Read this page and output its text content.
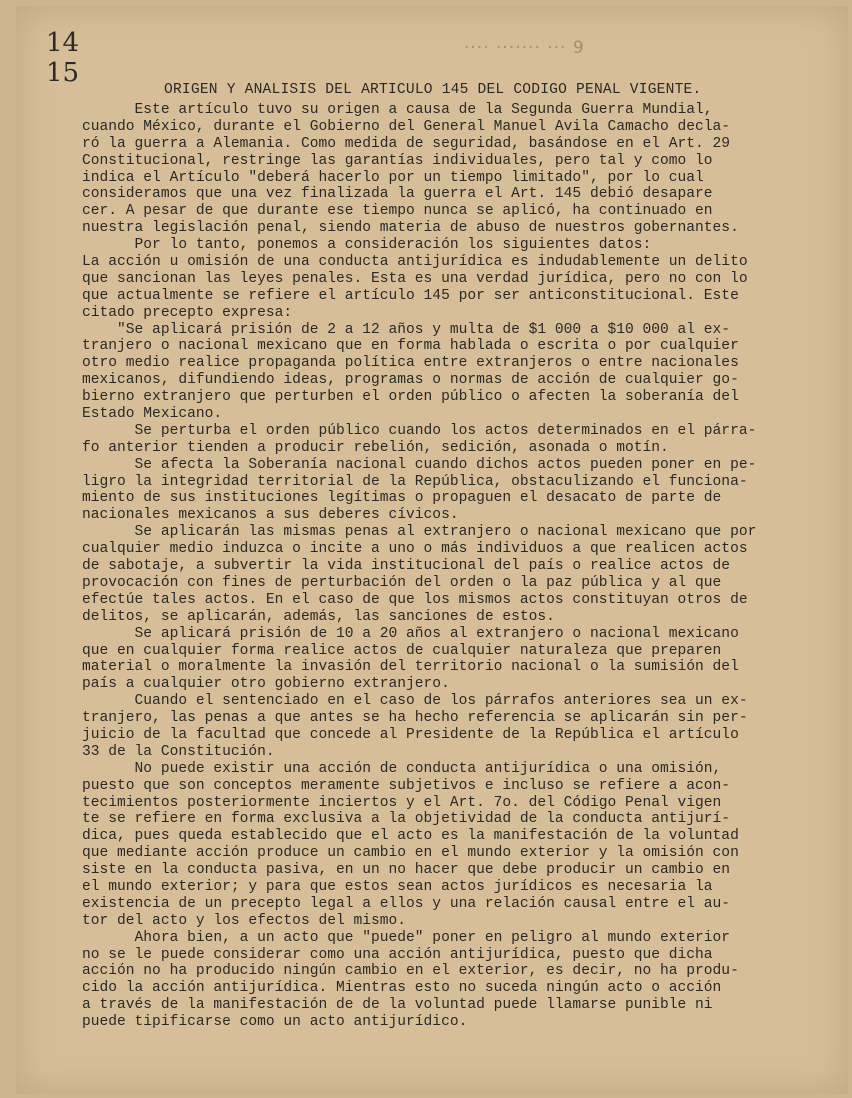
1​4
15
···· ······· ··· 9
ORIGEN Y ANALISIS DEL ARTICULO 145 DEL CODIGO PENAL VIGENTE.
Este artículo tuvo su origen a causa de la Segunda Guerra Mundial,
cuando México, durante el Gobierno del General Manuel Avila Camacho decla-
ró la guerra a Alemania. Como medida de seguridad, basándose en el Art. 29
Constitucional, restringe las garantías individuales, pero tal y como lo
indica el Artículo "deberá hacerlo por un tiempo limitado", por lo cual
consideramos que una vez finalizada la guerra el Art. 145 debió desapare
cer. A pesar de que durante ese tiempo nunca se aplicó, ha continuado en
nuestra legislación penal, siendo materia de abuso de nuestros gobernantes.
Por lo tanto, ponemos a consideración los siguientes datos:
La acción u omisión de una conducta antijurídica es indudablemente un delito
que sancionan las leyes penales. Esta es una verdad jurídica, pero no con lo
que actualmente se refiere el artículo 145 por ser anticonstitucional. Este
citado precepto expresa:
"Se aplicará prisión de 2 a 12 años y multa de $1 000 a $10 000 al ex-
tranjero o nacional mexicano que en forma hablada o escrita o por cualquier
otro medio realice propaganda política entre extranjeros o entre nacionales
mexicanos, difundiendo ideas, programas o normas de acción de cualquier go-
bierno extranjero que perturben el orden público o afecten la soberanía del
Estado Mexicano.
Se perturba el orden público cuando los actos determinados en el párra-
fo anterior tienden a producir rebelión, sedición, asonada o motín.
Se afecta la Soberanía nacional cuando dichos actos pueden poner en pe-
ligro la integridad territorial de la República, obstaculizando el funciona-
miento de sus instituciones legítimas o propaguen el desacato de parte de
nacionales mexicanos a sus deberes cívicos.
Se aplicarán las mismas penas al extranjero o nacional mexicano que por
cualquier medio induzca o incite a uno o más individuos a que realicen actos
de sabotaje, a subvertir la vida institucional del país o realice actos de
provocación con fines de perturbación del orden o la paz pública y al que
efectúe tales actos. En el caso de que los mismos actos constituyan otros de
delitos, se aplicarán, además, las sanciones de estos.
Se aplicará prisión de 10 a 20 años al extranjero o nacional mexicano
que en cualquier forma realice actos de cualquier naturaleza que preparen
material o moralmente la invasión del territorio nacional o la sumisión del
país a cualquier otro gobierno extranjero.
Cuando el sentenciado en el caso de los párrafos anteriores sea un ex-
tranjero, las penas a que antes se ha hecho referencia se aplicarán sin per-
juicio de la facultad que concede al Presidente de la República el artículo
33 de la Constitución.
No puede existir una acción de conducta antijurídica o una omisión,
puesto que son conceptos meramente subjetivos e incluso se refiere a acon-
tecimientos posteriormente inciertos y el Art. 7o. del Código Penal vigen
te se refiere en forma exclusiva a la objetividad de la conducta antijurí-
dica, pues queda establecido que el acto es la manifestación de la voluntad
que mediante acción produce un cambio en el mundo exterior y la omisión con
siste en la conducta pasiva, en un no hacer que debe producir un cambio en
el mundo exterior; y para que estos sean actos jurídicos es necesaria la
existencia de un precepto legal a ellos y una relación causal entre el au-
tor del acto y los efectos del mismo.
Ahora bien, a un acto que "puede" poner en peligro al mundo exterior
no se le puede considerar como una acción antijurídica, puesto que dicha
acción no ha producido ningún cambio en el exterior, es decir, no ha produ-
cido la acción antijurídica. Mientras esto no suceda ningún acto o acción
a través de la manifestación de de la voluntad puede llamarse punible ni
puede tipificarse como un acto antijurídico.
